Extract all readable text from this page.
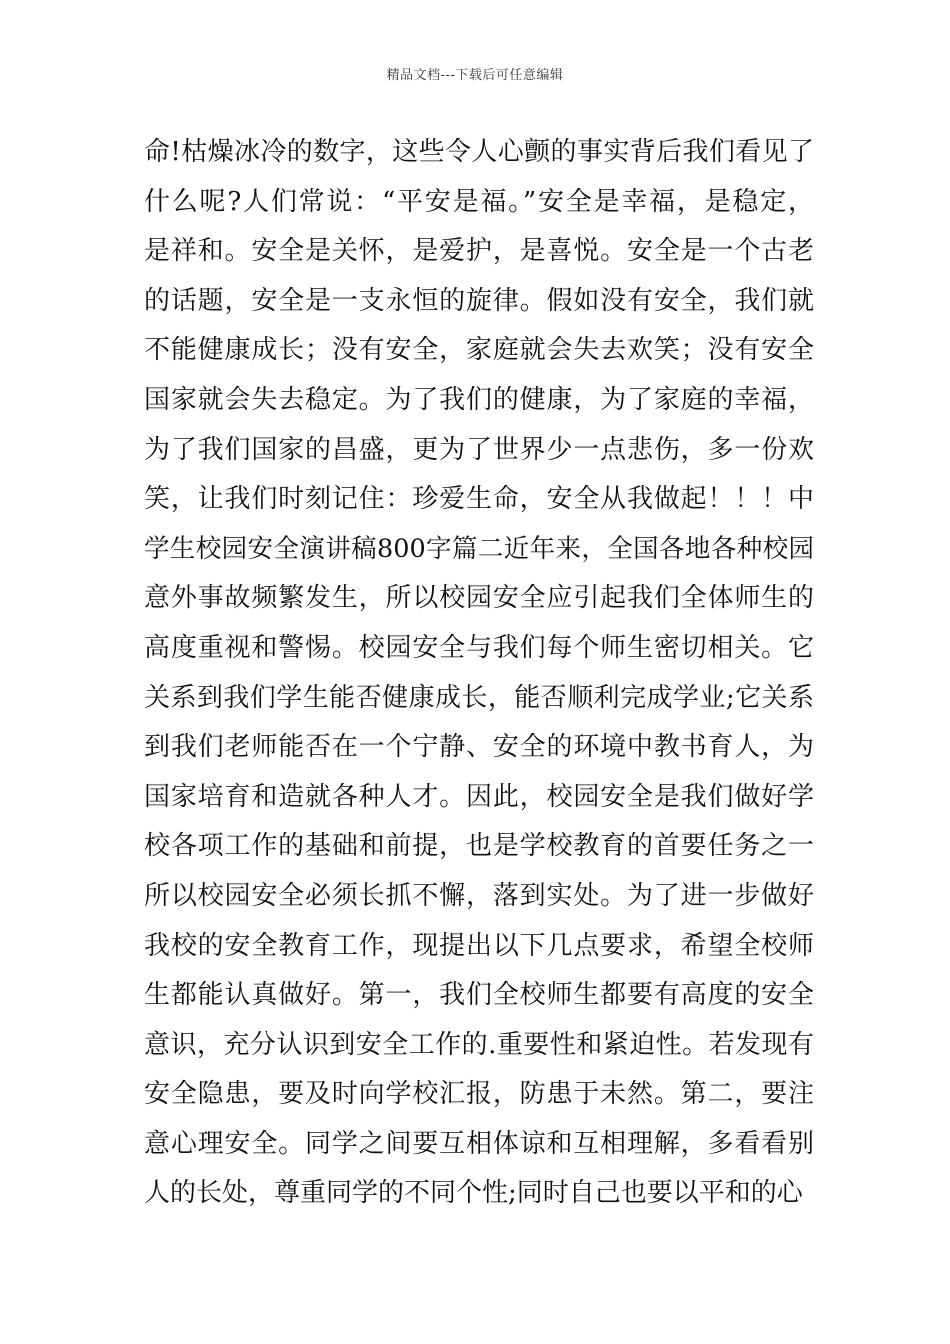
精品文档---下载后可任意编辑
命!枯燥冰冷的数字，这些令人心颤的事实背后我们看见了
什么呢?人们常说：“平安是福。”安全是幸福，是稳定，
是祥和。安全是关怀，是爱护，是喜悦。安全是一个古老
的话题，安全是一支永恒的旋律。假如没有安全，我们就
不能健康成长；没有安全，家庭就会失去欢笑；没有安全
国家就会失去稳定。为了我们的健康，为了家庭的幸福，
为了我们国家的昌盛，更为了世界少一点悲伤，多一份欢
笑，让我们时刻记住：珍爱生命，安全从我做起！！！中
学生校园安全演讲稿800字篇二近年来，全国各地各种校园
意外事故频繁发生，所以校园安全应引起我们全体师生的
高度重视和警惕。校园安全与我们每个师生密切相关。它
关系到我们学生能否健康成长，能否顺利完成学业;它关系
到我们老师能否在一个宁静、安全的环境中教书育人，为
国家培育和造就各种人才。因此，校园安全是我们做好学
校各项工作的基础和前提，也是学校教育的首要任务之一
所以校园安全必须长抓不懈，落到实处。为了进一步做好
我校的安全教育工作，现提出以下几点要求，希望全校师
生都能认真做好。第一，我们全校师生都要有高度的安全
意识，充分认识到安全工作的.重要性和紧迫性。若发现有
安全隐患，要及时向学校汇报，防患于未然。第二，要注
意心理安全。同学之间要互相体谅和互相理解，多看看别
人的长处，尊重同学的不同个性;同时自己也要以平和的心
